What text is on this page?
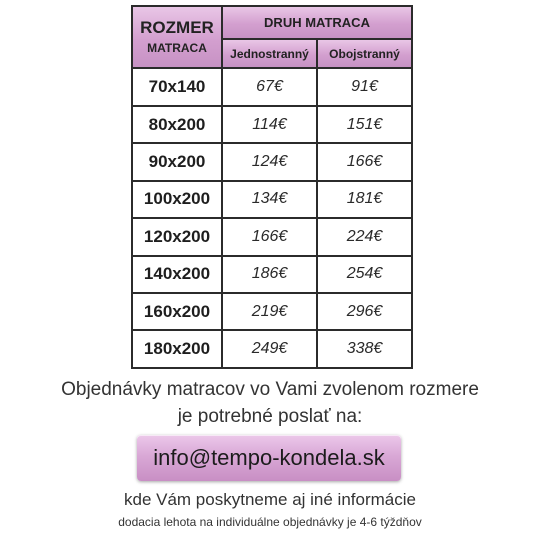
ROZMER
MATRACA	DRUH MATRACA	
	Jednostranný	Obojstranný
70x140	67€	91€
80x200	114€	151€
90x200	124€	166€
100x200	134€	181€
120x200	166€	224€
140x200	186€	254€
160x200	219€	296€
180x200	249€	338€
Objednávky matracov vo Vami zvolenom rozmere
je potrebné poslať na:
info@tempo-kondela.sk
kde Vám poskytneme aj iné informácie
dodacia lehota na individuálne objednávky je 4-6 týždňov
